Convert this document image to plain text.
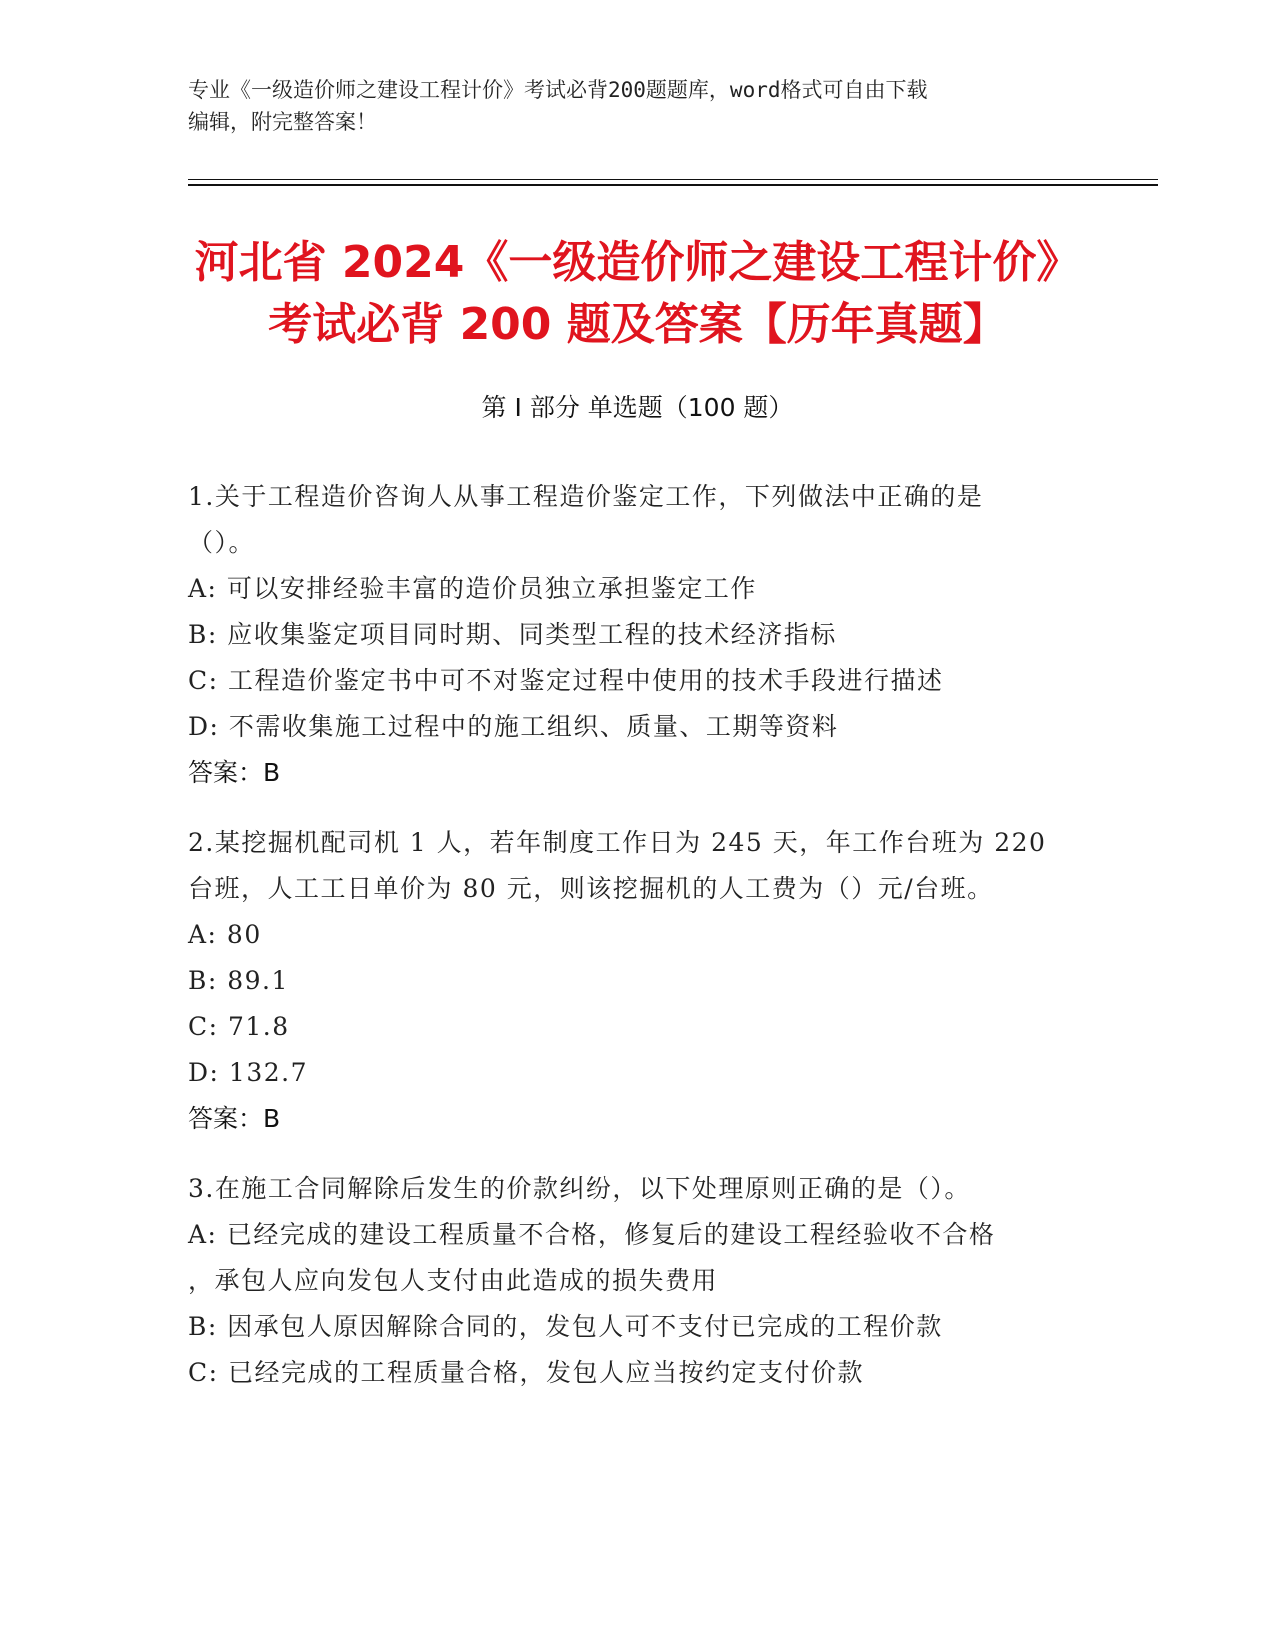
专业《一级造价师之建设工程计价》考试必背200题题库，word格式可自由下载
编辑，附完整答案！
河北省 2024《一级造价师之建设工程计价》
考试必背 200 题及答案【历年真题】
第 I 部分 单选题（100 题）
1.关于工程造价咨询人从事工程造价鉴定工作，下列做法中正确的是
（）。
A: 可以安排经验丰富的造价员独立承担鉴定工作
B: 应收集鉴定项目同时期、同类型工程的技术经济指标
C: 工程造价鉴定书中可不对鉴定过程中使用的技术手段进行描述
D: 不需收集施工过程中的施工组织、质量、工期等资料
答案：B
2.某挖掘机配司机 1 人，若年制度工作日为 245 天，年工作台班为 220
台班，人工工日单价为 80 元，则该挖掘机的人工费为（）元/台班。
A: 80
B: 89.1
C: 71.8
D: 132.7
答案：B
3.在施工合同解除后发生的价款纠纷，以下处理原则正确的是（）。
A: 已经完成的建设工程质量不合格，修复后的建设工程经验收不合格
，承包人应向发包人支付由此造成的损失费用
B: 因承包人原因解除合同的，发包人可不支付已完成的工程价款
C: 已经完成的工程质量合格，发包人应当按约定支付价款
